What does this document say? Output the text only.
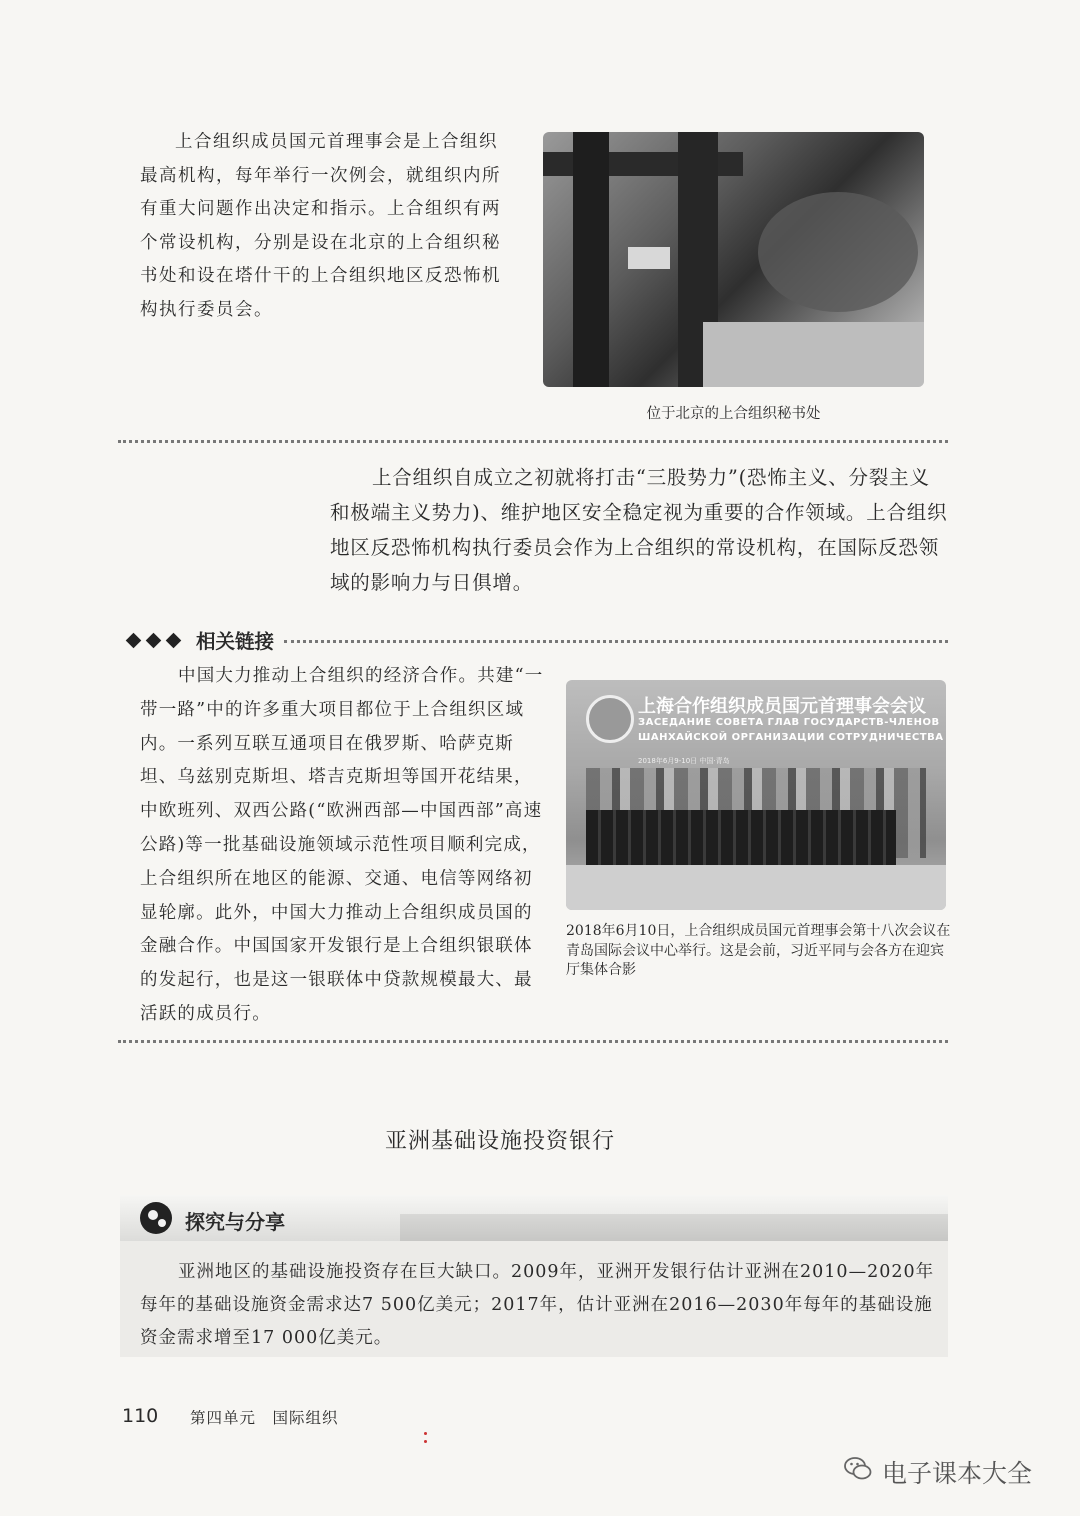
上合组织成员国元首理事会是上合组织最高机构，每年举行一次例会，就组织内所有重大问题作出决定和指示。上合组织有两个常设机构，分别是设在北京的上合组织秘书处和设在塔什干的上合组织地区反恐怖机构执行委员会。

位于北京的上合组织秘书处

上合组织自成立之初就将打击“三股势力”(恐怖主义、分裂主义和极端主义势力)、维护地区安全稳定视为重要的合作领域。上合组织地区反恐怖机构执行委员会作为上合组织的常设机构，在国际反恐领域的影响力与日俱增。

相关链接

中国大力推动上合组织的经济合作。共建“一带一路”中的许多重大项目都位于上合组织区域内。一系列互联互通项目在俄罗斯、哈萨克斯坦、乌兹别克斯坦、塔吉克斯坦等国开花结果，中欧班列、双西公路(“欧洲西部—中国西部”高速公路)等一批基础设施领域示范性项目顺利完成，上合组织所在地区的能源、交通、电信等网络初显轮廓。此外，中国大力推动上合组织成员国的金融合作。中国国家开发银行是上合组织银联体的发起行，也是这一银联体中贷款规模最大、最活跃的成员行。

上海合作组织成员国元首理事会会议
ЗАСЕДАНИЕ СОВЕТА ГЛАВ ГОСУДАРСТВ-ЧЛЕНОВ
ШАНХАЙСКОЙ ОРГАНИЗАЦИИ СОТРУДНИЧЕСТВА
2018年6月9-10日 中国·青岛

2018年6月10日，上合组织成员国元首理事会第十八次会议在青岛国际会议中心举行。这是会前，习近平同与会各方在迎宾厅集体合影

亚洲基础设施投资银行
探究与分享

亚洲地区的基础设施投资存在巨大缺口。2009年，亚洲开发银行估计亚洲在2010—2020年每年的基础设施资金需求达7 500亿美元；2017年，估计亚洲在2016—2030年每年的基础设施资金需求增至17 000亿美元。

110 第四单元　国际组织
电子课本大全
